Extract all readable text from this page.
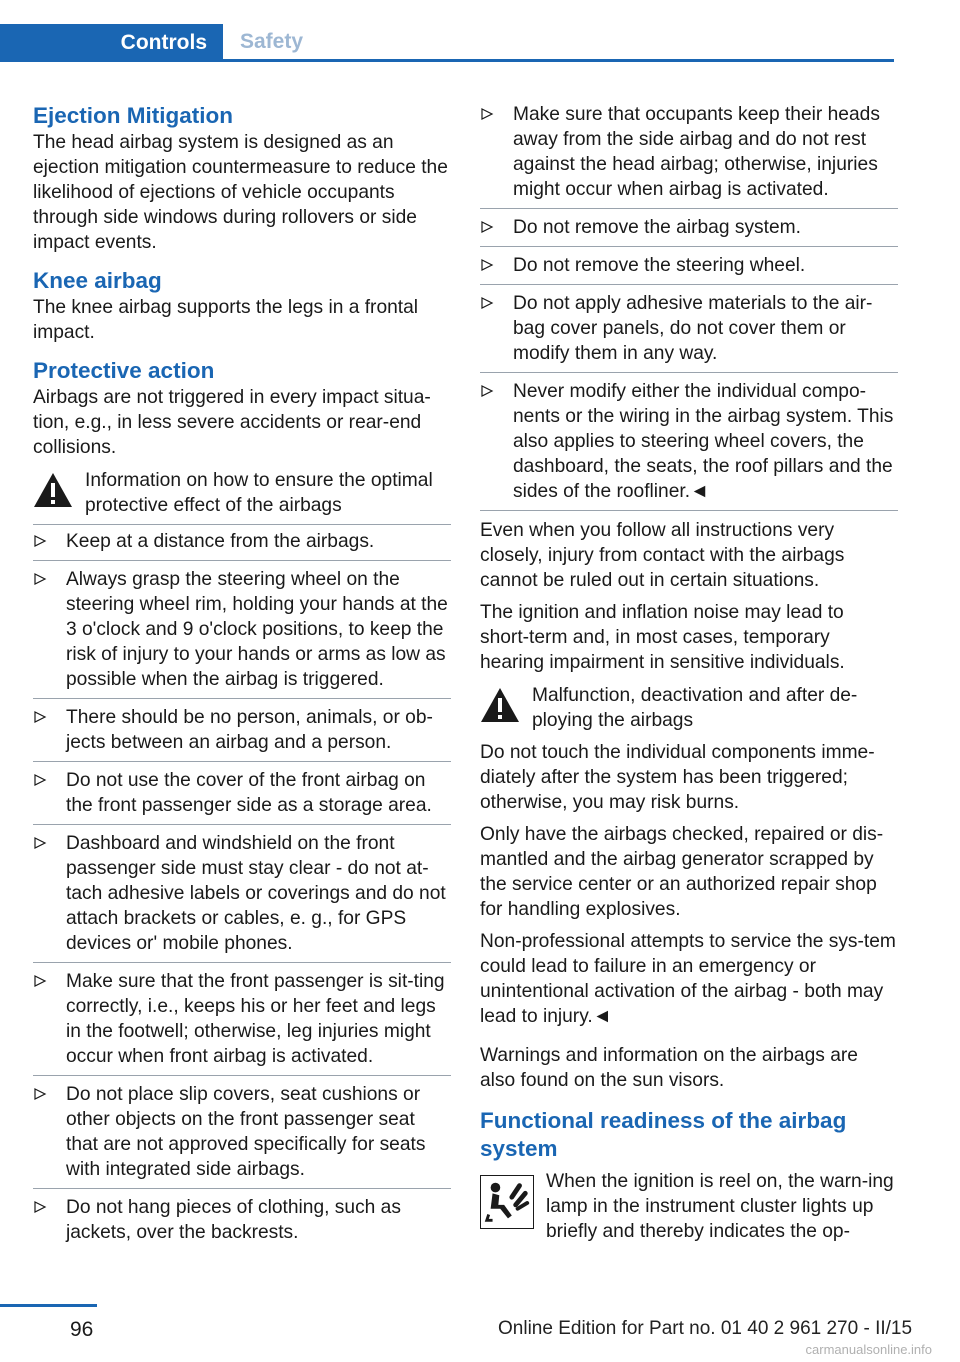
Controls	Safety
Ejection Mitigation

The head airbag system is designed as an ejection mitigation countermeasure to reduce the likelihood of ejections of vehicle occupants through side windows during rollovers or side impact events.

Knee airbag

The knee airbag supports the legs in a frontal impact.

Protective action

Airbags are not triggered in every impact situa-tion, e.g., in less severe accidents or rear-end collisions.

Information on how to ensure the optimal protective effect of the airbags
Keep at a distance from the airbags.
Always grasp the steering wheel on the steering wheel rim, holding your hands at the 3 o'clock and 9 o'clock positions, to keep the risk of injury to your hands or arms as low as possible when the airbag is triggered.
There should be no person, animals, or ob-jects between an airbag and a person.
Do not use the cover of the front airbag on the front passenger side as a storage area.
Dashboard and windshield on the front passenger side must stay clear - do not at-tach adhesive labels or coverings and do not attach brackets or cables, e. g., for GPS devices or' mobile phones.
Make sure that the front passenger is sit-ting correctly, i.e., keeps his or her feet and legs in the footwell; otherwise, leg injuries might occur when front airbag is activated.
Do not place slip covers, seat cushions or other objects on the front passenger seat that are not approved specifically for seats with integrated side airbags.
Do not hang pieces of clothing, such as jackets, over the backrests.
Make sure that occupants keep their heads away from the side airbag and do not rest against the head airbag; otherwise, injuries might occur when airbag is activated.
Do not remove the airbag system.
Do not remove the steering wheel.
Do not apply adhesive materials to the air-bag cover panels, do not cover them or modify them in any way.
Never modify either the individual compo-nents or the wiring in the airbag system. This also applies to steering wheel covers, the dashboard, the seats, the roof pillars and the sides of the roofliner.◄

Even when you follow all instructions very closely, injury from contact with the airbags cannot be ruled out in certain situations.

The ignition and inflation noise may lead to short-term and, in most cases, temporary hearing impairment in sensitive individuals.

Malfunction, deactivation and after de-ploying the airbags

Do not touch the individual components imme-diately after the system has been triggered; otherwise, you may risk burns.

Only have the airbags checked, repaired or dis-mantled and the airbag generator scrapped by the service center or an authorized repair shop for handling explosives.

Non-professional attempts to service the sys-tem could lead to failure in an emergency or unintentional activation of the airbag - both may lead to injury.◄

Warnings and information on the airbags are also found on the sun visors.

Functional readiness of the airbag system
When the ignition is reel on, the warn-ing lamp in the instrument cluster lights up briefly and thereby indicates the op-
96	Online Edition for Part no. 01 40 2 961 270 - II/15
carmanualsonline.info
